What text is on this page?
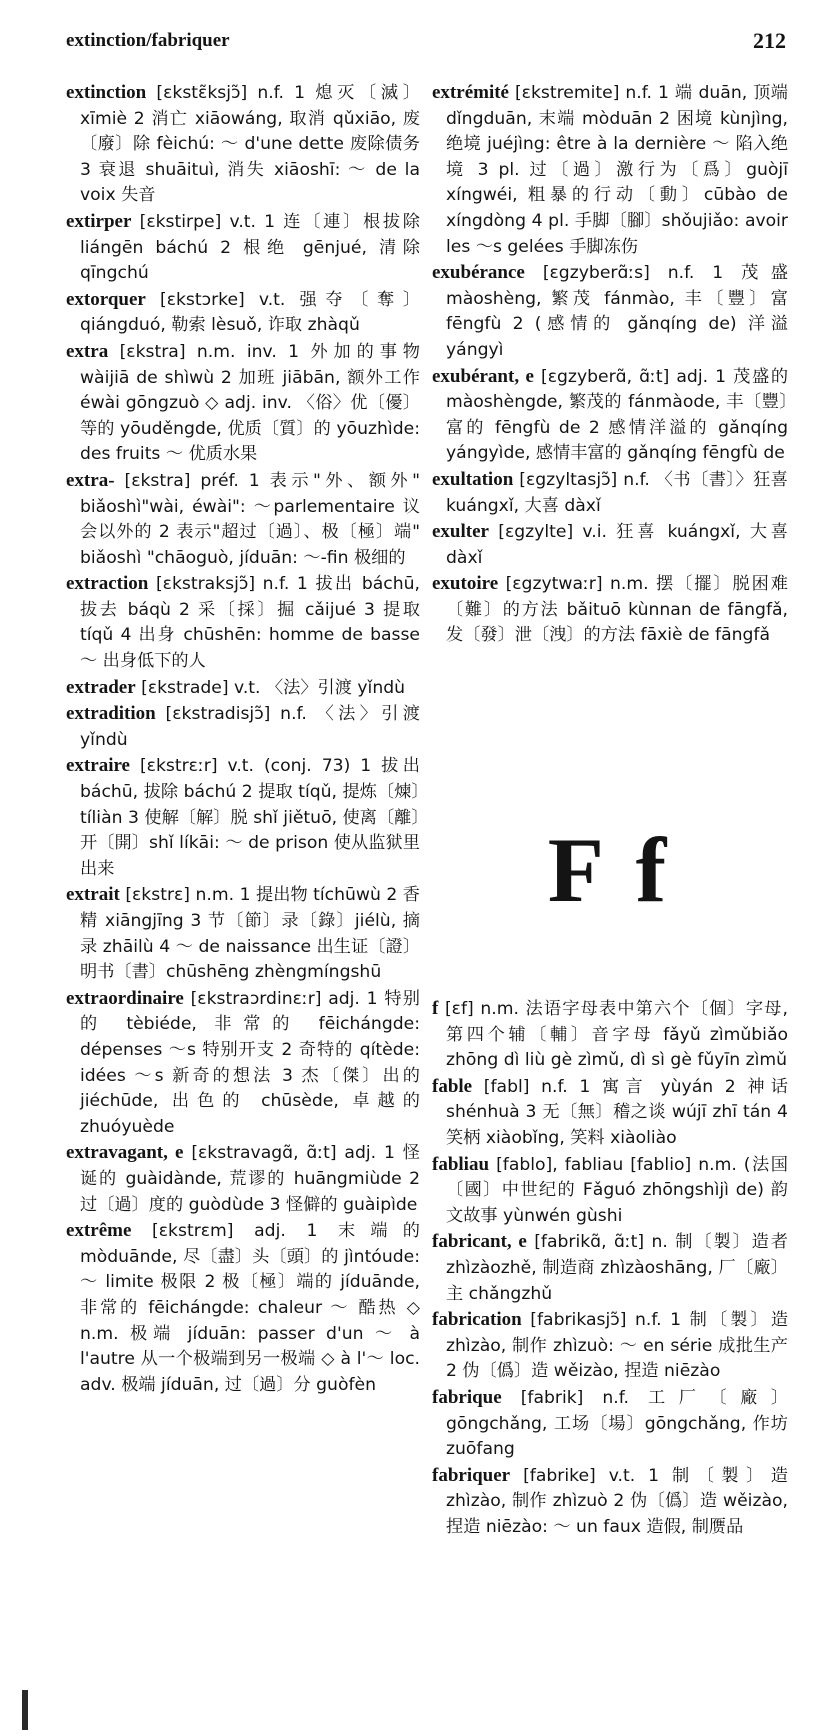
extinction/fabriquer	212

extinction [ɛkstɛ̃ksjɔ̃] n.f. 1 熄灭〔滅〕xīmiè 2 消亡 xiāowáng, 取消 qǔxiāo, 废〔廢〕除 fèichú: ～ d'une dette 废除债务 3 衰退 shuāituì, 消失 xiāoshī: ～ de la voix 失音

extirper [ɛkstirpe] v.t. 1 连〔連〕根拔除 liángēn báchú 2 根绝 gēnjué, 清除 qīngchú

extorquer [ɛkstɔrke] v.t. 强夺〔奪〕qiángduó, 勒索 lèsuǒ, 诈取 zhàqǔ

extra [ɛkstra] n.m. inv. 1 外加的事物 wàijiā de shìwù 2 加班 jiābān, 额外工作 éwài gōngzuò ◇ adj. inv. 〈俗〉优〔優〕等的 yōuděngde, 优质〔質〕的 yōuzhìde: des fruits ～ 优质水果

extra- [ɛkstra] préf. 1 表示"外、额外" biǎoshì"wài, éwài": ～parlementaire 议会以外的 2 表示"超过〔過〕、极〔極〕端" biǎoshì "chāoguò, jíduān: ～-fin 极细的

extraction [ɛkstraksjɔ̃] n.f. 1 拔出 báchū, 拔去 báqù 2 采〔採〕掘 cǎijué 3 提取 tíqǔ 4 出身 chūshēn: homme de basse ～ 出身低下的人

extrader [ɛkstrade] v.t. 〈法〉引渡 yǐndù

extradition [ɛkstradisjɔ̃] n.f. 〈法〉引渡 yǐndù

extraire [ɛkstrɛːr] v.t. (conj. 73) 1 拔出 báchū, 拔除 báchú 2 提取 tíqǔ, 提炼〔煉〕tíliàn 3 使解〔解〕脱 shǐ jiětuō, 使离〔離〕开〔開〕shǐ líkāi: ～ de prison 使从监狱里出来

extrait [ɛkstrɛ] n.m. 1 提出物 tíchūwù 2 香精 xiāngjīng 3 节〔節〕录〔錄〕jiélù, 摘录 zhāilù 4 ～ de naissance 出生证〔證〕明书〔書〕chūshēng zhèngmíngshū

extraordinaire [ɛkstraɔrdinɛːr] adj. 1 特别的 tèbiéde, 非常的 fēichángde: dépenses ～s 特别开支 2 奇特的 qítède: idées ～s 新奇的想法 3 杰〔傑〕出的 jiéchūde, 出色的 chūsède, 卓越的 zhuóyuède

extravagant, e [ɛkstravagɑ̃, ɑ̃ːt] adj. 1 怪诞的 guàidànde, 荒谬的 huāngmiùde 2 过〔過〕度的 guòdùde 3 怪僻的 guàipìde

extrême [ɛkstrɛm] adj. 1 末端的 mòduānde, 尽〔盡〕头〔頭〕的 jìntóude: ～ limite 极限 2 极〔極〕端的 jíduānde, 非常的 fēichángde: chaleur ～ 酷热 ◇ n.m. 极端 jíduān: passer d'un ～ à l'autre 从一个极端到另一极端 ◇ à l'～ loc. adv. 极端 jíduān, 过〔過〕分 guòfèn

extrémité [ɛkstremite] n.f. 1 端 duān, 顶端 dǐngduān, 末端 mòduān 2 困境 kùnjìng, 绝境 juéjìng: être à la dernière ～ 陷入绝境 3 pl. 过〔過〕激行为〔爲〕guòjī xíngwéi, 粗暴的行动〔動〕cūbào de xíngdòng 4 pl. 手脚〔腳〕shǒujiǎo: avoir les ～s gelées 手脚冻伤

exubérance [ɛgzyberɑ̃ːs] n.f. 1 茂盛 màoshèng, 繁茂 fánmào, 丰〔豐〕富 fēngfù 2 (感情的 gǎnqíng de) 洋溢 yángyì

exubérant, e [ɛgzyberɑ̃, ɑ̃ːt] adj. 1 茂盛的 màoshèngde, 繁茂的 fánmàode, 丰〔豐〕富的 fēngfù de 2 感情洋溢的 gǎnqíng yángyìde, 感情丰富的 gǎnqíng fēngfù de

exultation [ɛgzyltasjɔ̃] n.f. 〈书〔書〕〉狂喜 kuángxǐ, 大喜 dàxǐ

exulter [ɛgzylte] v.i. 狂喜 kuángxǐ, 大喜 dàxǐ

exutoire [ɛgzytwaːr] n.m. 摆〔擺〕脱困难〔難〕的方法 bǎituō kùnnan de fāngfǎ, 发〔發〕泄〔洩〕的方法 fāxiè de fāngfǎ

F f

f [ɛf] n.m. 法语字母表中第六个〔個〕字母, 第四个辅〔輔〕音字母 fǎyǔ zìmǔbiǎo zhōng dì liù gè zìmǔ, dì sì gè fǔyīn zìmǔ

fable [fabl] n.f. 1 寓言 yùyán 2 神话 shénhuà 3 无〔無〕稽之谈 wújī zhī tán 4 笑柄 xiàobǐng, 笑料 xiàoliào

fabliau [fablo], fabliau [fablio] n.m. (法国〔國〕中世纪的 Fǎguó zhōngshìjì de) 韵文故事 yùnwén gùshi

fabricant, e [fabrikɑ̃, ɑ̃ːt] n. 制〔製〕造者 zhìzàozhě, 制造商 zhìzàoshāng, 厂〔廠〕主 chǎngzhǔ

fabrication [fabrikasjɔ̃] n.f. 1 制〔製〕造 zhìzào, 制作 zhìzuò: ～ en série 成批生产 2 伪〔僞〕造 wěizào, 捏造 niēzào

fabrique [fabrik] n.f. 工厂〔廠〕gōngchǎng, 工场〔場〕gōngchǎng, 作坊 zuōfang

fabriquer [fabrike] v.t. 1 制〔製〕造 zhìzào, 制作 zhìzuò 2 伪〔僞〕造 wěizào, 捏造 niēzào: ～ un faux 造假, 制赝品
